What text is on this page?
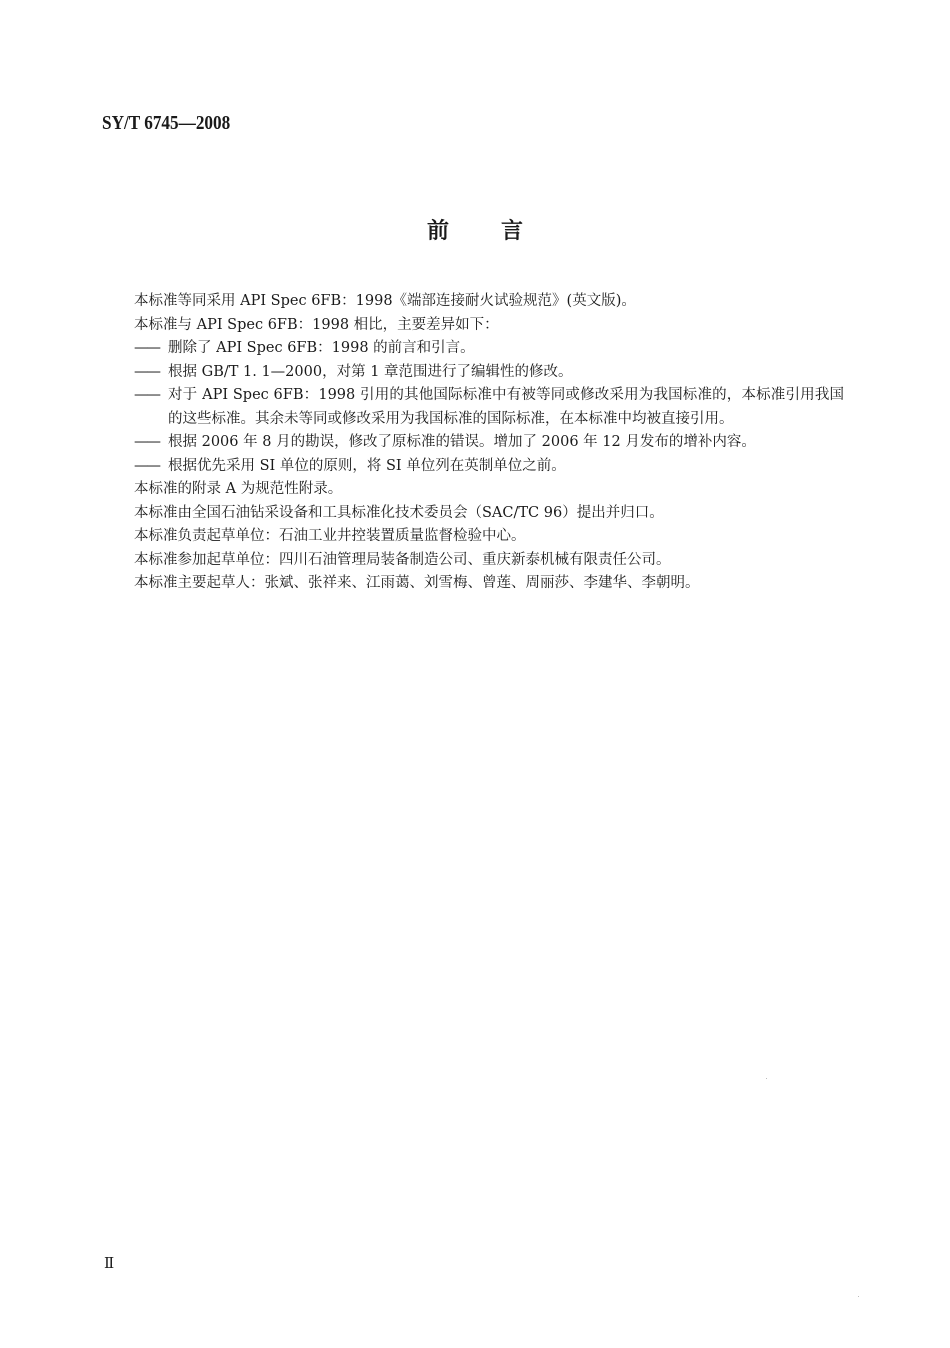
SY/T 6745—2008
前言

本标准等同采用 API Spec 6FB：1998《端部连接耐火试验规范》(英文版)。

本标准与 API Spec 6FB：1998 相比，主要差异如下：

—— 删除了 API Spec 6FB：1998 的前言和引言。
—— 根据 GB/T 1. 1—2000，对第 1 章范围进行了编辑性的修改。
—— 对于 API Spec 6FB：1998 引用的其他国际标准中有被等同或修改采用为我国标准的，本标准引用我国的这些标准。其余未等同或修改采用为我国标准的国际标准，在本标准中均被直接引用。
—— 根据 2006 年 8 月的勘误，修改了原标准的错误。增加了 2006 年 12 月发布的增补内容。
—— 根据优先采用 SI 单位的原则，将 SI 单位列在英制单位之前。

本标准的附录 A 为规范性附录。

本标准由全国石油钻采设备和工具标准化技术委员会（SAC/TC 96）提出并归口。

本标准负责起草单位：石油工业井控装置质量监督检验中心。

本标准参加起草单位：四川石油管理局装备制造公司、重庆新泰机械有限责任公司。

本标准主要起草人：张斌、张祥来、江雨蔼、刘雪梅、曾莲、周丽莎、李建华、李朝明。

Ⅱ
